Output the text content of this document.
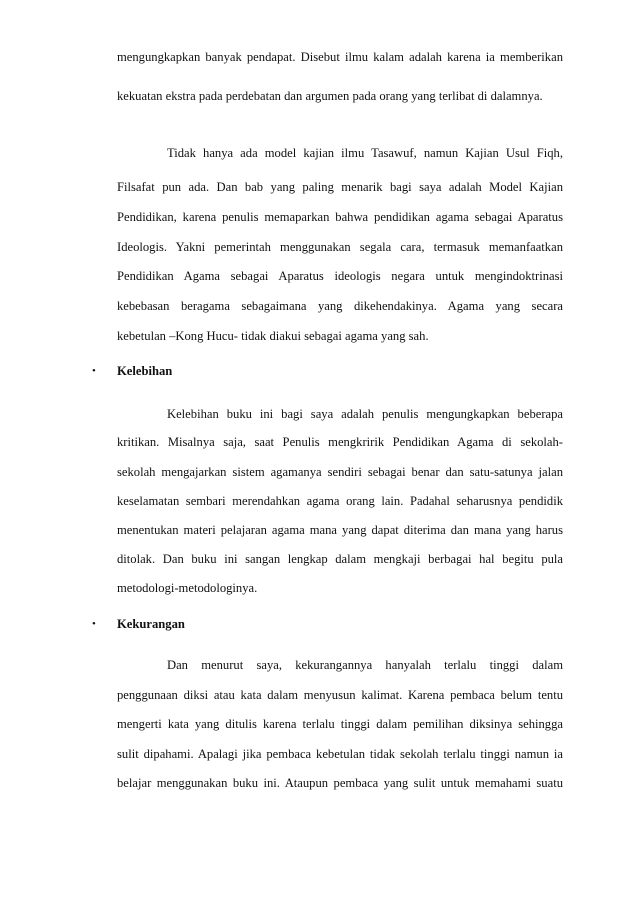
mengungkapkan banyak pendapat. Disebut ilmu kalam adalah karena ia memberikan
kekuatan ekstra pada perdebatan dan argumen pada orang yang terlibat di dalamnya.
Tidak hanya ada model kajian ilmu Tasawuf, namun Kajian Usul Fiqh,
Filsafat pun ada. Dan bab yang paling menarik bagi saya adalah Model Kajian
Pendidikan, karena penulis memaparkan bahwa pendidikan agama sebagai Aparatus
Ideologis. Yakni pemerintah menggunakan segala cara, termasuk memanfaatkan
Pendidikan Agama sebagai Aparatus ideologis negara untuk mengindoktrinasi
kebebasan beragama sebagaimana yang dikehendakinya. Agama yang secara
kebetulan –Kong Hucu- tidak diakui sebagai agama yang sah.
• Kelebihan
Kelebihan buku ini bagi saya adalah penulis mengungkapkan beberapa
kritikan. Misalnya saja, saat Penulis mengkririk Pendidikan Agama di sekolah-
sekolah mengajarkan sistem agamanya sendiri sebagai benar dan satu-satunya jalan
keselamatan sembari merendahkan agama orang lain. Padahal seharusnya pendidik
menentukan materi pelajaran agama mana yang dapat diterima dan mana yang harus
ditolak. Dan buku ini sangan lengkap dalam mengkaji berbagai hal begitu pula
metodologi-metodologinya.
• Kekurangan
Dan menurut saya, kekurangannya hanyalah terlalu tinggi dalam
penggunaan diksi atau kata dalam menyusun kalimat. Karena pembaca belum tentu
mengerti kata yang ditulis karena terlalu tinggi dalam pemilihan diksinya sehingga
sulit dipahami. Apalagi jika pembaca kebetulan tidak sekolah terlalu tinggi namun ia
belajar menggunakan buku ini. Ataupun pembaca yang sulit untuk memahami suatu
